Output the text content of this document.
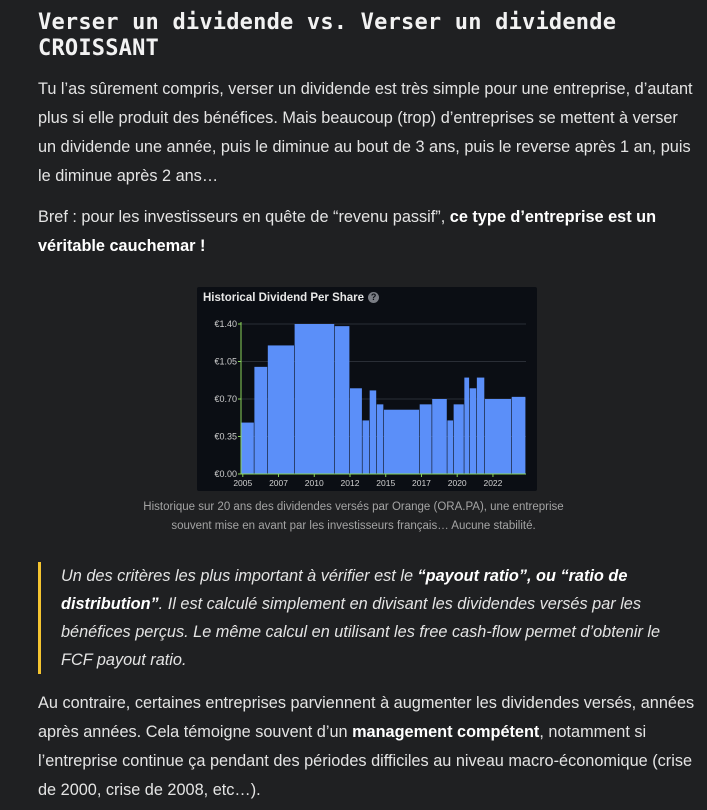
Verser un dividende vs. Verser un dividende
CROISSANT

Tu l’as sûrement compris, verser un dividende est très simple pour une entreprise, d’autant plus si elle produit des bénéfices. Mais beaucoup (trop) d’entreprises se mettent à verser un dividende une année, puis le diminue au bout de 3 ans, puis le reverse après 1 an, puis le diminue après 2 ans…

Bref : pour les investisseurs en quête de “revenu passif”, ce type d’entreprise est un véritable cauchemar !

Historical Dividend Per Share ?
€0.00
€0.35
€0.70
€1.05
€1.40
2005 2007 2010 2012 2015 2017 2020 2022
Historique sur 20 ans des dividendes versés par Orange (ORA.PA), une entreprise
souvent mise en avant par les investisseurs français… Aucune stabilité.

Un des critères les plus important à vérifier est le “payout ratio”, ou “ratio de distribution”. Il est calculé simplement en divisant les dividendes versés par les bénéfices perçus. Le même calcul en utilisant les free cash-flow permet d’obtenir le FCF payout ratio.

Au contraire, certaines entreprises parviennent à augmenter les dividendes versés, années après années. Cela témoigne souvent d’un management compétent, notamment si l’entreprise continue ça pendant des périodes difficiles au niveau macro-économique (crise de 2000, crise de 2008, etc…).
